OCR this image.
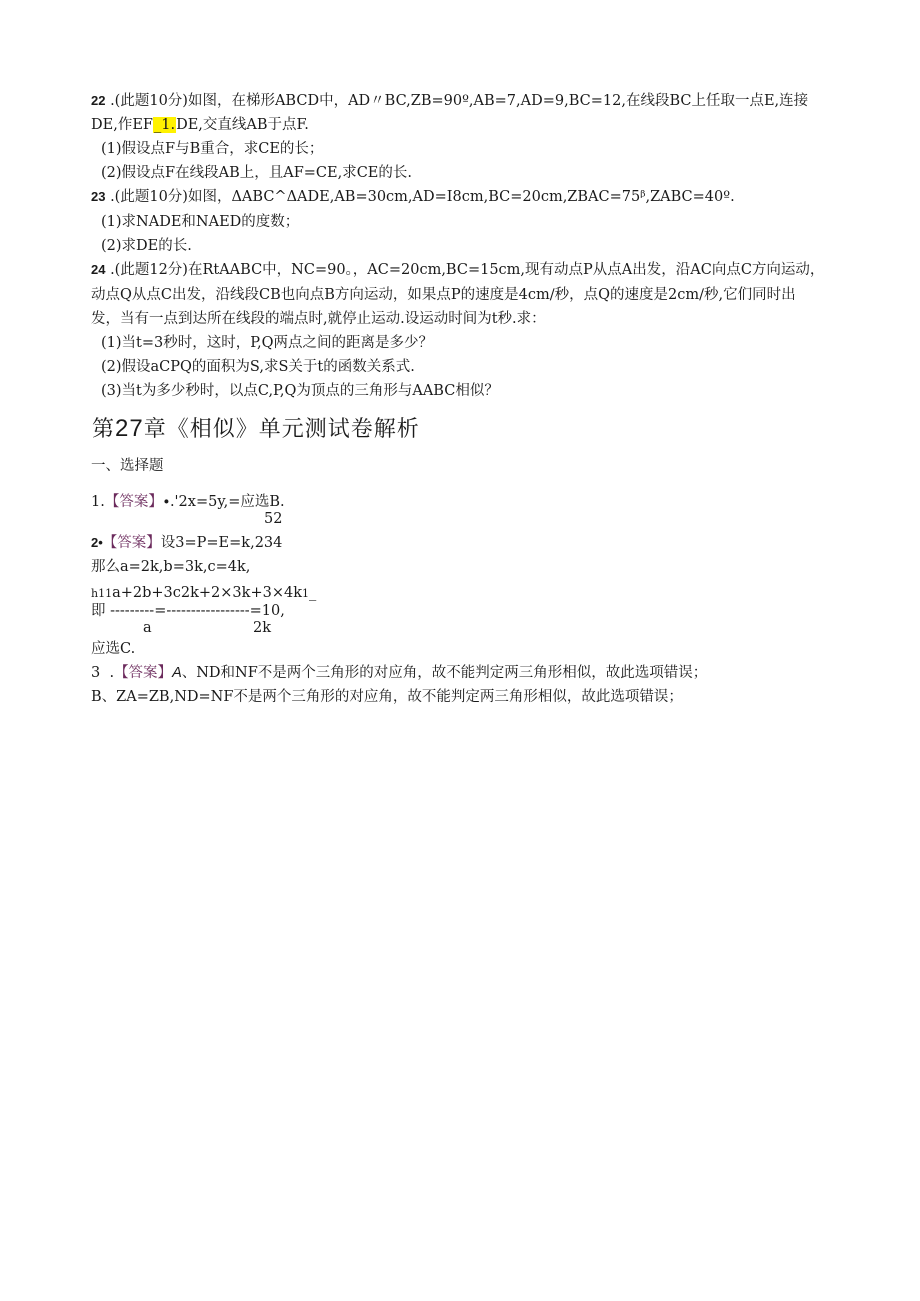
22 .(此题10分)如图，在梯形ABCD中，AD〃BC,ZB=90º,AB=7,AD=9,BC=12,在线段BC上任取一点E,连接
DE,作EF_1.DE,交直线AB于点F.
(1)假设点F与B重合，求CE的长；
(2)假设点F在线段AB上，且AF=CE,求CE的长.
23 .(此题10分)如图，ΔABC^ΔADE,AB=30cm,AD=I8cm,BC=20cm,ZBAC=75ᵝ,ZABC=40º.
(1)求NADE和NAED的度数；
(2)求DE的长.
24 .(此题12分)在RtAABC中，NC=90。，AC=20cm,BC=15cm,现有动点P从点A出发，沿AC向点C方向运动，
动点Q从点C出发，沿线段CB也向点B方向运动，如果点P的速度是4cm∕秒，点Q的速度是2cm∕秒,它们同时出
发，当有一点到达所在线段的端点时,就停止运动.设运动时间为t秒.求：
(1)当t=3秒时，这时，P,Q两点之间的距离是多少？
(2)假设aCPQ的面积为S,求S关于t的函数关系式.
(3)当t为多少秒时，以点C,P,Q为顶点的三角形与AABC相似？
第27章《相似》单元测试卷解析
一、选择题
1.【答案】∙.'2x=5y,=应选B.
52
2•【答案】设3=P=E=k,234
那么a=2k,b=3k,c=4k,
h11a+2b+3c2k+2×3k+3×4k1_
即 ---------=-----------------=10,
a	2k
应选C.
3  .【答案】A、ND和NF不是两个三角形的对应角，故不能判定两三角形相似，故此选项错误；
B、ZA=ZB,ND=NF不是两个三角形的对应角，故不能判定两三角形相似，故此选项错误；
